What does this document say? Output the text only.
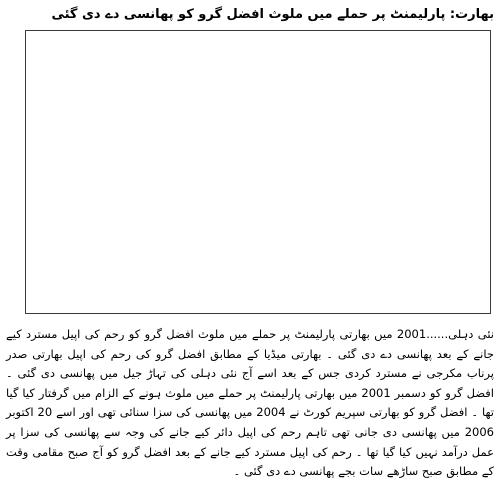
بھارت: پارلیمنٹ پر حملے میں ملوث افضل گرو کو پھانسی دے دی گئی

نئی دہلی......2001 میں بھارتی پارلیمنٹ پر حملے میں ملوث افضل گرو کو رحم کی اپیل مسترد کیے جانے کے بعد پھانسی دے دی گئی ۔ بھارتی میڈیا کے مطابق افضل گرو کی رحم کی اپیل بھارتی صدر پرناب مکرجی نے مسترد کردی جس کے بعد اسے آج نئی دہلی کی تہاڑ جیل میں پھانسی دی گئی ۔ افضل گرو کو دسمبر 2001 میں بھارتی پارلیمنٹ پر حملے میں ملوث ہونے کے الزام میں گرفتار کیا گیا تھا ۔ افضل گرو کو بھارتی سپریم کورٹ نے 2004 میں پھانسی کی سزا سنائی تھی اور اسے 20 اکتوبر 2006 میں پھانسی دی جانی تھی تاہم رحم کی اپیل دائر کیے جانے کی وجہ سے پھانسی کی سزا پر عمل درآمد نہیں کیا گیا تھا ۔ رحم کی اپیل مسترد کیے جانے کے بعد افضل گرو کو آج صبح مقامی وقت کے مطابق صبح ساڑھے سات بجے پھانسی دے دی گئی ۔
